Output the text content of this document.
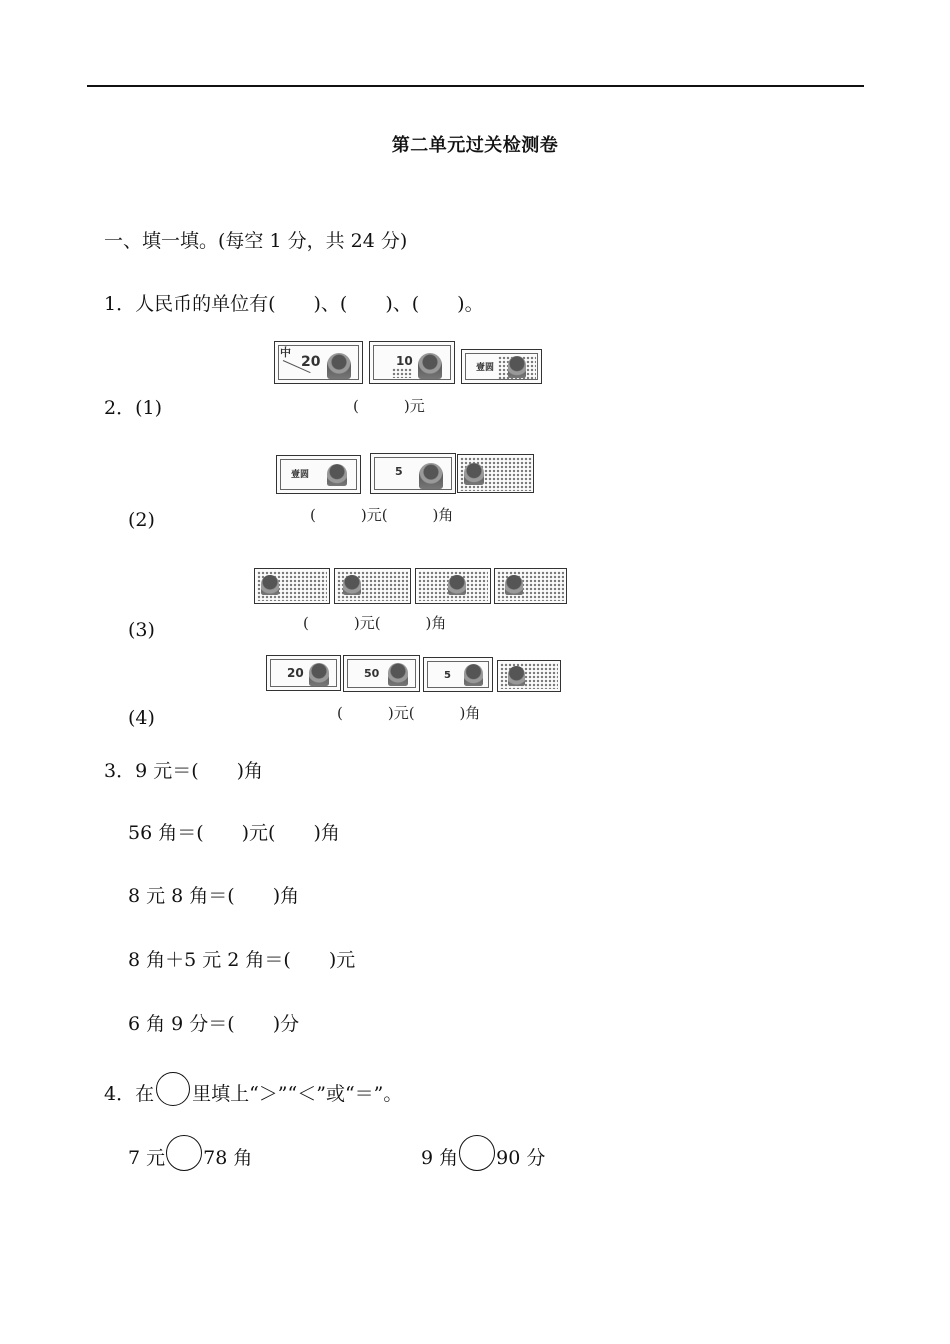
第二单元过关检测卷
一、填一填。(每空 1 分，共 24 分)
1．人民币的单位有(　　)、(　　)、(　　)。
中
20	10	壹圆
2．(1)	(　　　)元
壹圆	5
(2)	(　　　)元(　　　)角
(3)	(　　　)元(　　　)角
20	50	5
(4)	(　　　)元(　　　)角
3．9 元＝(　　)角
56 角＝(　　)元(　　)角
8 元 8 角＝(　　)角
8 角＋5 元 2 角＝(　　)元
6 角 9 分＝(　　)分
4．在 里填上“＞”“＜”或“＝”。
7 元 78 角	9 角 90 分
